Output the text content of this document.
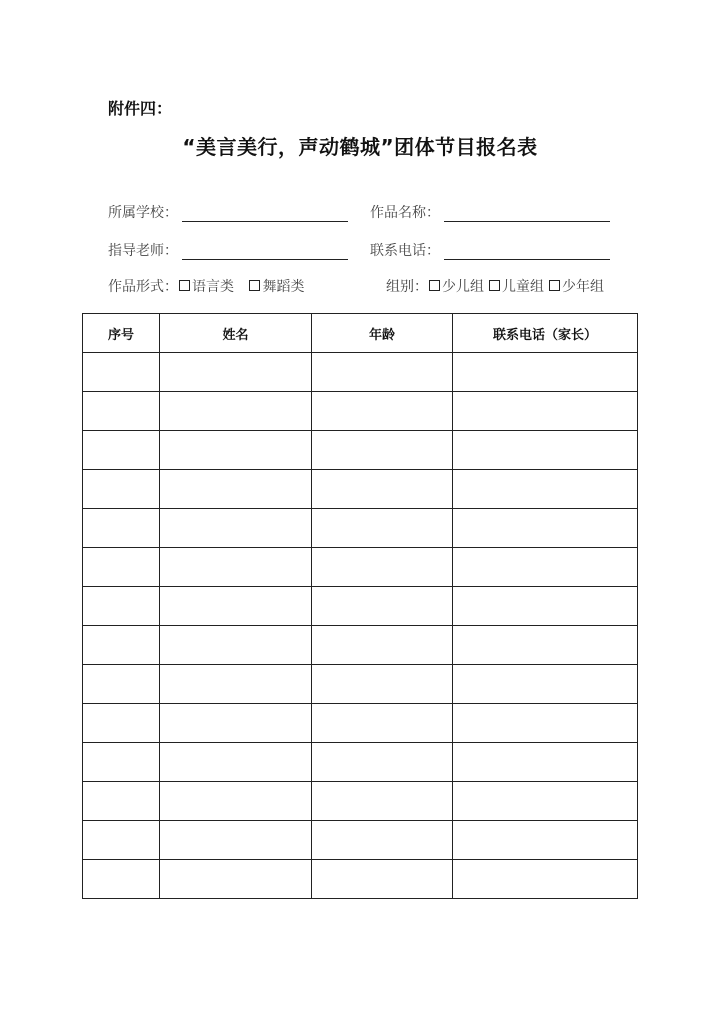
附件四：
“美言美行，声动鹤城”团体节目报名表
所属学校：	作品名称：
指导老师：	联系电话：
作品形式： 语言类 舞蹈类	组别： 少儿组 儿童组 少年组
序号	姓名	年龄	联系电话（家长）
